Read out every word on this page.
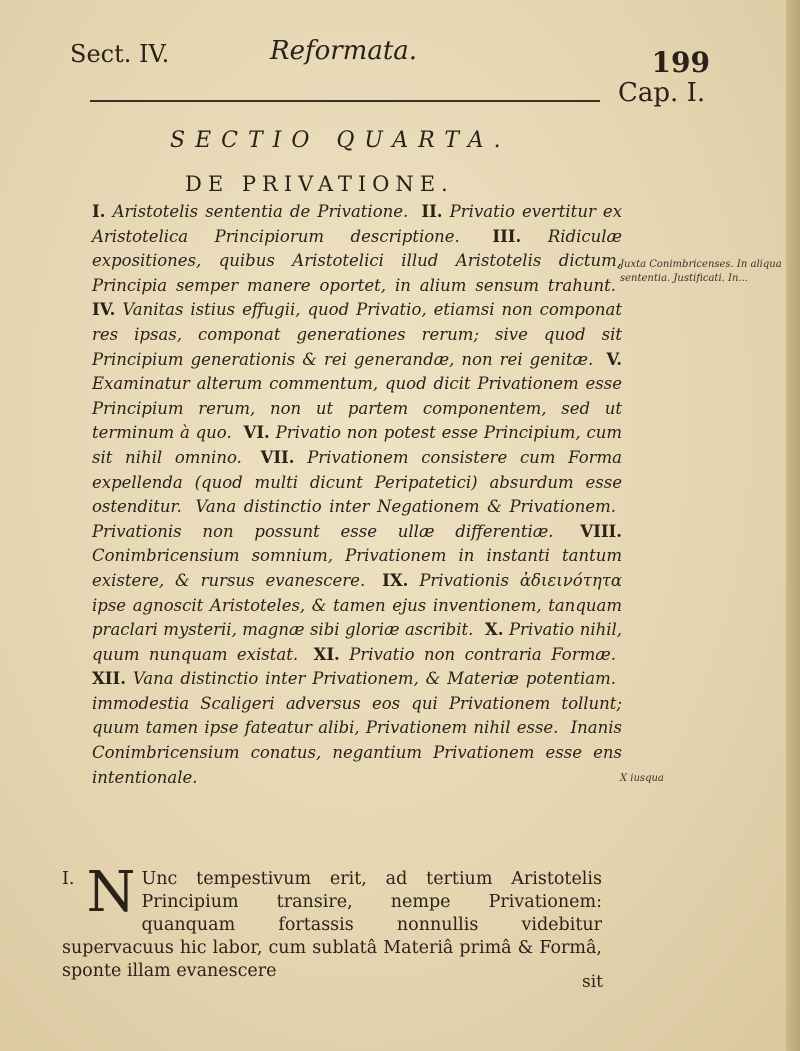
Sect. IV.	Reformata.	199
Cap. I.
SECTIO QUARTA.
DE PRIVATIONE.
I. Aristotelis sententia de Privatione. II. Privatio evertitur ex Aristotelica Principiorum descriptione. III. Ridiculæ expositiones, quibus Aristotelici illud Aristotelis dictum, Principia semper manere oportet, in alium sensum trahunt. IV. Vanitas istius effugii, quod Privatio, etiamsi non componat res ipsas, componat generationes rerum; sive quod sit Principium generationis & rei generandæ, non rei genitæ. V. Examinatur alterum commentum, quod dicit Privationem esse Principium rerum, non ut partem componentem, sed ut terminum à quo. VI. Privatio non potest esse Principium, cum sit nihil omnino. VII. Privationem consistere cum Forma expellenda (quod multi dicunt Peripatetici) absurdum esse ostenditur. Vana distinctio inter Negationem & Privationem. Privationis non possunt esse ullæ differentiæ. VIII. Conimbricensium somnium, Privationem in instanti tantum existere, & rursus evanescere. IX. Privationis ἀδιεινότητα ipse agnoscit Aristoteles, & tamen ejus inventionem, tanquam praclari mysterii, magnæ sibi gloriæ ascribit. X. Privatio nihil, quum nunquam existat. XI. Privatio non contraria Formæ. XII. Vana distinctio inter Privationem, & Materiæ potentiam. immodestia Scaligeri adversus eos qui Privationem tollunt; quum tamen ipse fateatur alibi, Privationem nihil esse. Inanis Conimbricensium conatus, negantium Privationem esse ens intentionale.
Juxta Conimbricenses. In aliqua sententia. Justificati. In...
X iusqua
I. N Unc tempestivum erit, ad tertium Aristotelis Principium transire, nempe Privationem: quanquam fortassis nonnullis videbitur supervacuus hic labor, cum sublatâ Materiâ primâ & Formâ, sponte illam evanescere
sit
